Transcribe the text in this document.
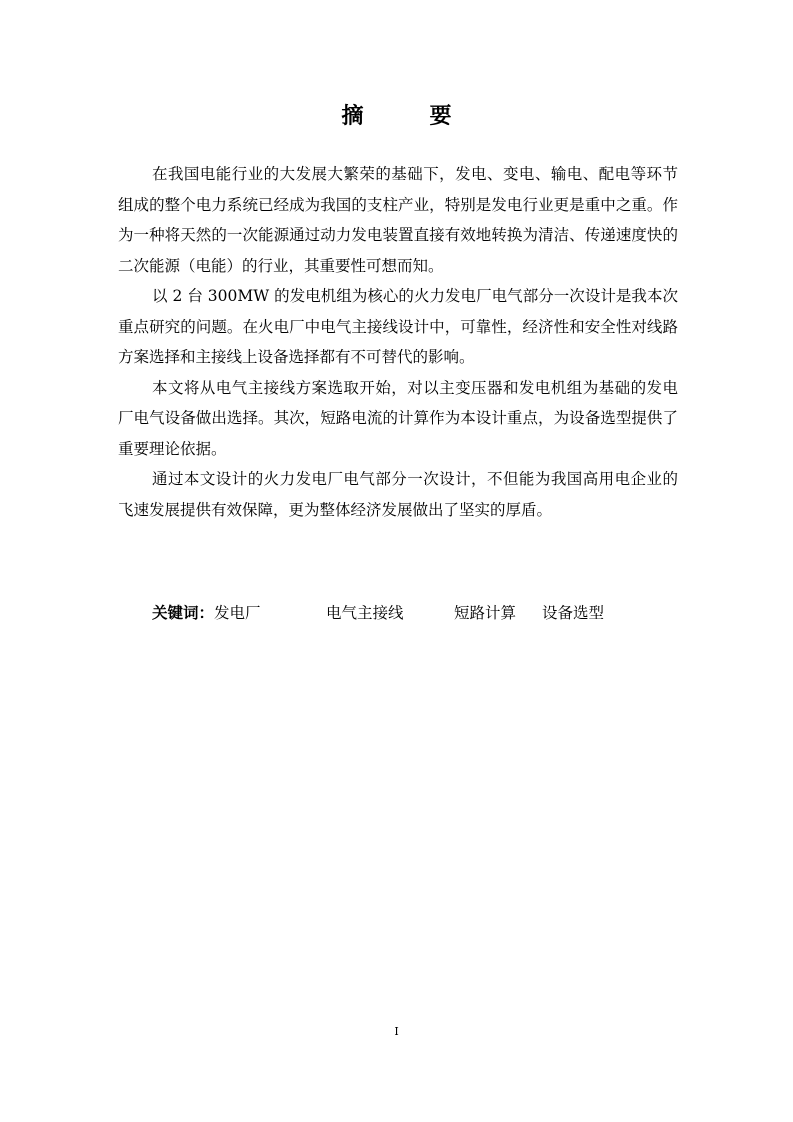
摘　要

在我国电能行业的大发展大繁荣的基础下，发电、变电、输电、配电等环节组成的整个电力系统已经成为我国的支柱产业，特别是发电行业更是重中之重。作为一种将天然的一次能源通过动力发电装置直接有效地转换为清洁、传递速度快的二次能源（电能）的行业，其重要性可想而知。

以 2 台 300MW 的发电机组为核心的火力发电厂电气部分一次设计是我本次重点研究的问题。在火电厂中电气主接线设计中，可靠性，经济性和安全性对线路方案选择和主接线上设备选择都有不可替代的影响。

本文将从电气主接线方案选取开始，对以主变压器和发电机组为基础的发电厂电气设备做出选择。其次，短路电流的计算作为本设计重点，为设备选型提供了重要理论依据。

通过本文设计的火力发电厂电气部分一次设计，不但能为我国高用电企业的飞速发展提供有效保障，更为整体经济发展做出了坚实的厚盾。

关键词：发电厂	电气主接线	短路计算 设备选型
I
